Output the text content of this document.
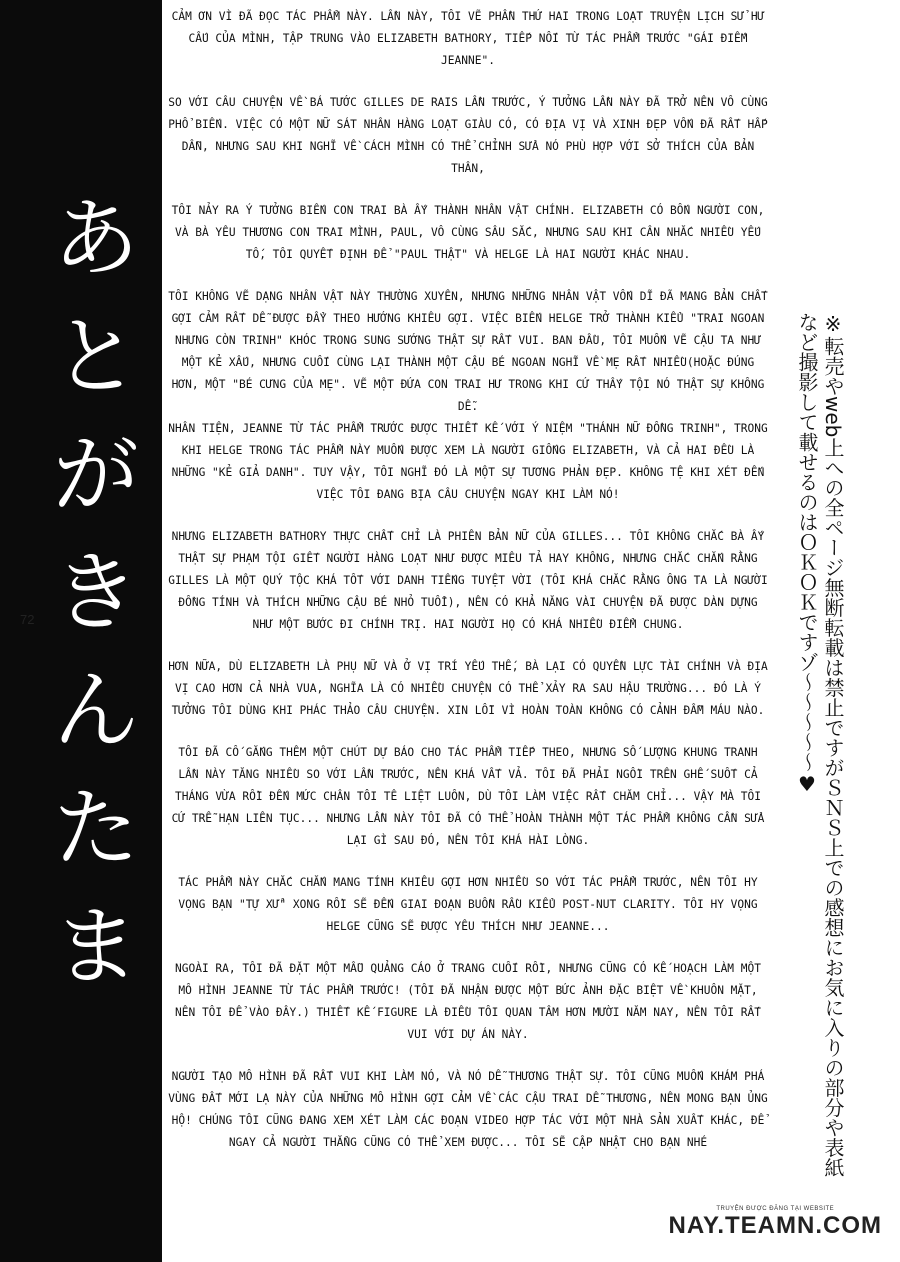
あ
と
が
き
ん
た
ま
72

CẢM ƠN VÌ ĐÃ ĐỌC TÁC PHẨM NÀY. LẦN NÀY, TÔI VẼ PHẦN THỨ HAI TRONG LOẠT TRUYỆN LỊCH SỬ HƯ CẤU CỦA MÌNH, TẬP TRUNG VÀO ELIZABETH BATHORY, TIẾP NỐI TỪ TÁC PHẨM TRƯỚC "GÁI ĐIẾM JEANNE".

SO VỚI CÂU CHUYỆN VỀ BÁ TƯỚC GILLES DE RAIS LẦN TRƯỚC, Ý TƯỞNG LẦN NÀY ĐÃ TRỞ NÊN VÔ CÙNG PHỔ BIẾN. VIỆC CÓ MỘT NỮ SÁT NHÂN HÀNG LOẠT GIÀU CÓ, CÓ ĐỊA VỊ VÀ XINH ĐẸP VỐN ĐÃ RẤT HẤP DẪN, NHƯNG SAU KHI NGHĨ VỀ CÁCH MÌNH CÓ THỂ CHỈNH SỬA NÓ PHÙ HỢP VỚI SỞ THÍCH CỦA BẢN THÂN,

TÔI NẢY RA Ý TƯỞNG BIẾN CON TRAI BÀ ẤY THÀNH NHÂN VẬT CHÍNH. ELIZABETH CÓ BỐN NGƯỜI CON, VÀ BÀ YÊU THƯƠNG CON TRAI MÌNH, PAUL, VÔ CÙNG SÂU SẮC, NHƯNG SAU KHI CÂN NHẮC NHIỀU YẾU TỐ, TÔI QUYẾT ĐỊNH ĐỂ "PAUL THẬT" VÀ HELGE LÀ HAI NGƯỜI KHÁC NHAU.

TÔI KHÔNG VẼ DẠNG NHÂN VẬT NÀY THƯỜNG XUYÊN, NHƯNG NHỮNG NHÂN VẬT VỐN DĨ ĐÃ MANG BẢN CHẤT GỢI CẢM RẤT DỄ ĐƯỢC ĐẨY THEO HƯỚNG KHIÊU GỢI. VIỆC BIẾN HELGE TRỞ THÀNH KIỂU "TRAI NGOAN NHƯNG CÒN TRINH" KHÓC TRONG SUNG SƯỚNG THẬT SỰ RẤT VUI. BAN ĐẦU, TÔI MUỐN VẼ CẬU TA NHƯ MỘT KẺ XẤU, NHƯNG CUỐI CÙNG LẠI THÀNH MỘT CẬU BÉ NGOAN NGHĨ VỀ MẸ RẤT NHIỀU(HOẶC ĐÚNG HƠN, MỘT "BÉ CƯNG CỦA MẸ". VẼ MỘT ĐỨA CON TRAI HƯ TRONG KHI CỨ THẤY TỘI NÓ THẬT SỰ KHÔNG DỄ.

NHÂN TIỆN, JEANNE TỪ TÁC PHẨM TRƯỚC ĐƯỢC THIẾT KẾ VỚI Ý NIỆM "THÁNH NỮ ĐỒNG TRINH", TRONG KHI HELGE TRONG TÁC PHẨM NÀY MUỐN ĐƯỢC XEM LÀ NGƯỜI GIỐNG ELIZABETH, VÀ CẢ HAI ĐỀU LÀ NHỮNG "KẺ GIẢ DANH". TUY VẬY, TÔI NGHĨ ĐÓ LÀ MỘT SỰ TƯƠNG PHẢN ĐẸP. KHÔNG TỆ KHI XÉT ĐẾN VIỆC TÔI ĐANG BỊA CÂU CHUYỆN NGAY KHI LÀM NÓ!

NHƯNG ELIZABETH BATHORY THỰC CHẤT CHỈ LÀ PHIÊN BẢN NỮ CỦA GILLES... TÔI KHÔNG CHẮC BÀ ẤY THẬT SỰ PHẠM TỘI GIẾT NGƯỜI HÀNG LOẠT NHƯ ĐƯỢC MIÊU TẢ HAY KHÔNG, NHƯNG CHẮC CHẮN RẰNG GILLES LÀ MỘT QUÝ TỘC KHÁ TỐT VỚI DANH TIẾNG TUYỆT VỜI (TÔI KHÁ CHẮC RẰNG ÔNG TA LÀ NGƯỜI ĐỒNG TÍNH VÀ THÍCH NHỮNG CẬU BÉ NHỎ TUỔI), NÊN CÓ KHẢ NĂNG VÀI CHUYỆN ĐÃ ĐƯỢC DÀN DỰNG NHƯ MỘT BƯỚC ĐI CHÍNH TRỊ. HAI NGƯỜI HỌ CÓ KHÁ NHIỀU ĐIỂM CHUNG.

HƠN NỮA, DÙ ELIZABETH LÀ PHỤ NỮ VÀ Ở VỊ TRÍ YẾU THẾ, BÀ LẠI CÓ QUYỀN LỰC TÀI CHÍNH VÀ ĐỊA VỊ CAO HƠN CẢ NHÀ VUA, NGHĨA LÀ CÓ NHIỀU CHUYỆN CÓ THỂ XẢY RA SAU HẬU TRƯỜNG... ĐÓ LÀ Ý TƯỞNG TÔI DÙNG KHI PHÁC THẢO CÂU CHUYỆN. XIN LỖI VÌ HOÀN TOÀN KHÔNG CÓ CẢNH ĐẪM MÁU NÀO.

TÔI ĐÃ CỐ GẮNG THÊM MỘT CHÚT DỰ BÁO CHO TÁC PHẨM TIẾP THEO, NHƯNG SỐ LƯỢNG KHUNG TRANH LẦN NÀY TĂNG NHIỀU SO VỚI LẦN TRƯỚC, NÊN KHÁ VẤT VẢ. TÔI ĐÃ PHẢI NGỒI TRÊN GHẾ SUỐT CẢ THÁNG VỪA RỒI ĐẾN MỨC CHÂN TÔI TÊ LIỆT LUÔN, DÙ TÔI LÀM VIỆC RẤT CHĂM CHỈ... VẬY MÀ TÔI CỨ TRỄ HẠN LIÊN TỤC... NHƯNG LẦN NÀY TÔI ĐÃ CÓ THỂ HOÀN THÀNH MỘT TÁC PHẨM KHÔNG CẦN SỬA LẠI GÌ SAU ĐÓ, NÊN TÔI KHÁ HÀI LÒNG.

TÁC PHẨM NÀY CHẮC CHẮN MANG TÍNH KHIÊU GỢI HƠN NHIỀU SO VỚI TÁC PHẨM TRƯỚC, NÊN TÔI HY VỌNG BẠN "TỰ XỬ" XONG RỒI SẼ ĐẾN GIAI ĐOẠN BUỒN RẦU KIỂU POST-NUT CLARITY. TÔI HY VỌNG HELGE CŨNG SẼ ĐƯỢC YÊU THÍCH NHƯ JEANNE...

NGOÀI RA, TÔI ĐÃ ĐẶT MỘT MẪU QUẢNG CÁO Ở TRANG CUỐI RỒI, NHƯNG CŨNG CÓ KẾ HOẠCH LÀM MỘT MÔ HÌNH JEANNE TỪ TÁC PHẨM TRƯỚC! (TÔI ĐÃ NHẬN ĐƯỢC MỘT BỨC ẢNH ĐẶC BIỆT VỀ KHUÔN MẶT, NÊN TÔI ĐỂ VÀO ĐÂY.) THIẾT KẾ FIGURE LÀ ĐIỀU TÔI QUAN TÂM HƠN MƯỜI NĂM NAY, NÊN TÔI RẤT VUI VỚI DỰ ÁN NÀY.

NGƯỜI TẠO MÔ HÌNH ĐÃ RẤT VUI KHI LÀM NÓ, VÀ NÓ DỄ THƯƠNG THẬT SỰ. TÔI CŨNG MUỐN KHÁM PHÁ VÙNG ĐẤT MỚI LẠ NÀY CỦA NHỮNG MÔ HÌNH GỢI CẢM VỀ CÁC CẬU TRAI DỄ THƯƠNG, NÊN MONG BẠN ỦNG HỘ! CHÚNG TÔI CŨNG ĐANG XEM XÉT LÀM CÁC ĐOẠN VIDEO HỢP TÁC VỚI MỘT NHÀ SẢN XUẤT KHÁC, ĐỂ NGAY CẢ NGƯỜI THẲNG CŨNG CÓ THỂ XEM ĐƯỢC... TÔI SẼ CẬP NHẬT CHO BẠN NHÉ	※転売やweb上への全ページ無断転載は禁止ですがＳＮＳ上での感想にお気に入りの部分や表紙など撮影して載せるのはＯＫＯＫですゾ〜〜〜〜〜♥
TRUYỆN ĐƯỢC ĐĂNG TẠI WEBSITE
NAY.TEAMN.COM
